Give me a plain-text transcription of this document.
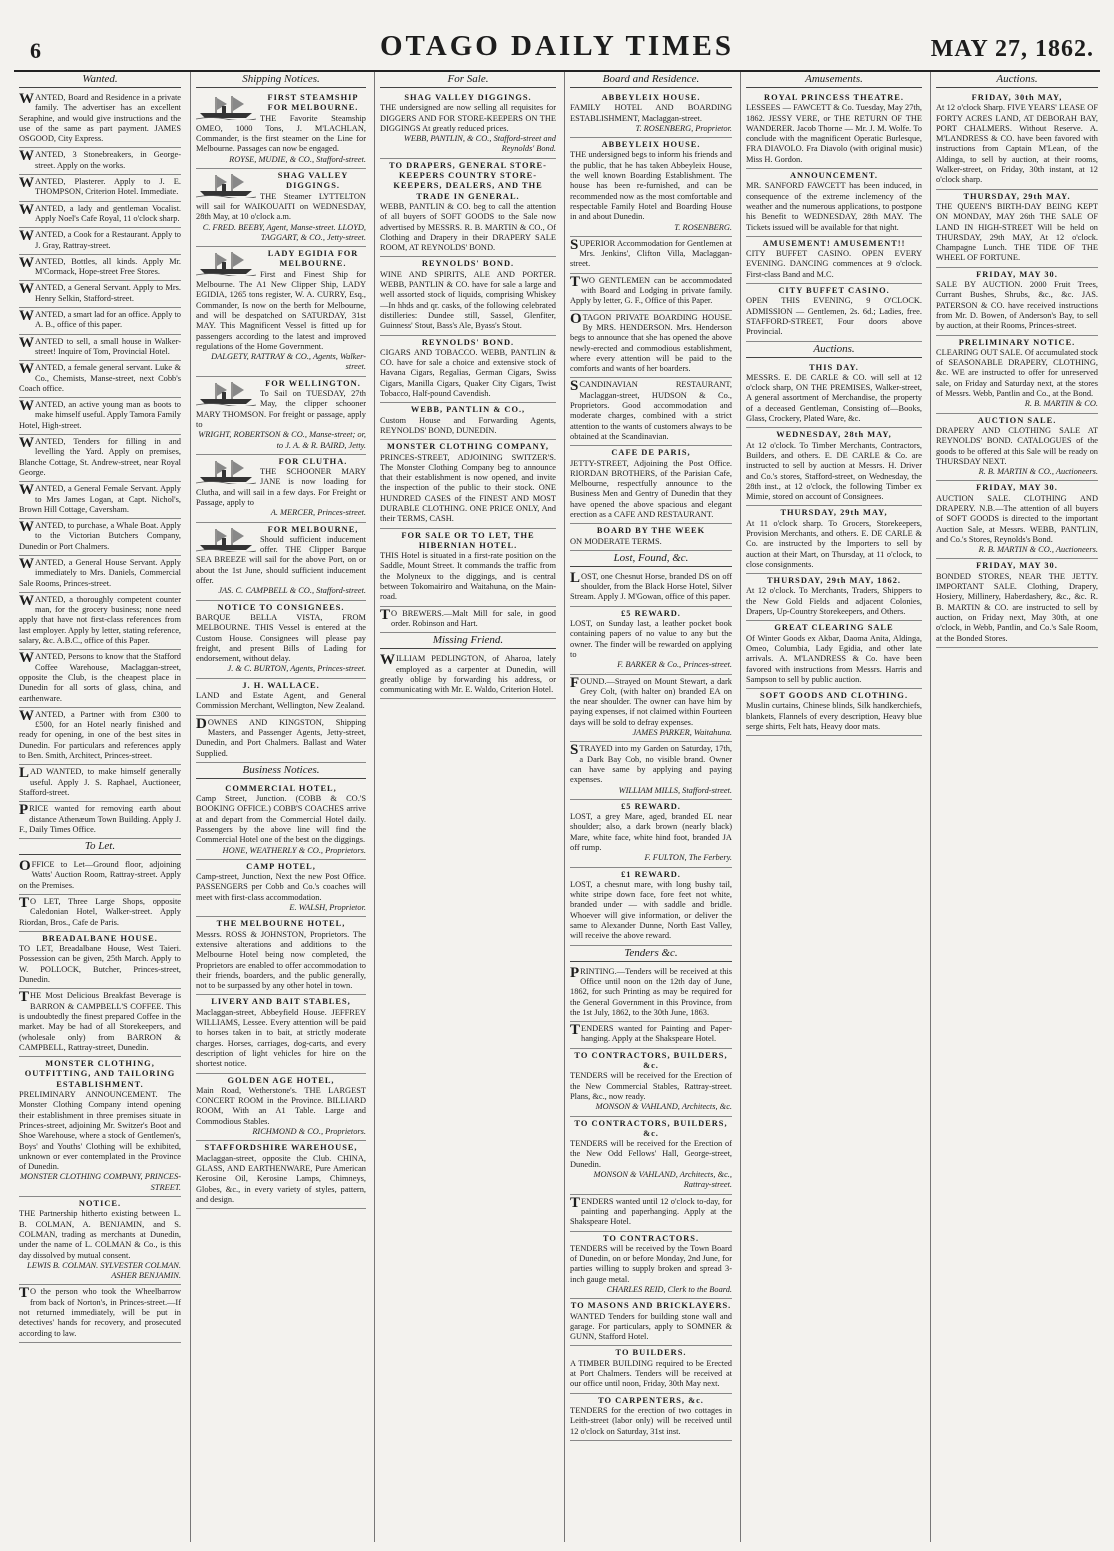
6	OTAGO DAILY TIMES	MAY 27, 1862.
Wanted.
WANTED, Board and Residence in a private family. The advertiser has an excellent Seraphine, and would give instructions and the use of the same as part payment. JAMES OSGOOD, City Express.
WANTED, 3 Stonebreakers, in George-street. Apply on the works.
WANTED, Plasterer. Apply to J. E. THOMPSON, Criterion Hotel. Immediate.
WANTED, a lady and gentleman Vocalist. Apply Noel's Cafe Royal, 11 o'clock sharp.
WANTED, a Cook for a Restaurant. Apply to J. Gray, Rattray-street.
WANTED, Bottles, all kinds. Apply Mr. M'Cormack, Hope-street Free Stores.
WANTED, a General Servant. Apply to Mrs. Henry Selkin, Stafford-street.
WANTED, a smart lad for an office. Apply to A. B., office of this paper.
WANTED to sell, a small house in Walker-street! Inquire of Tom, Provincial Hotel.
WANTED, a female general servant. Luke & Co., Chemists, Manse-street, next Cobb's Coach office.
WANTED, an active young man as boots to make himself useful. Apply Tamora Family Hotel, High-street.
WANTED, Tenders for filling in and levelling the Yard. Apply on premises, Blanche Cottage, St. Andrew-street, near Royal George.
WANTED, a General Female Servant. Apply to Mrs James Logan, at Capt. Nichol's, Brown Hill Cottage, Caversham.
WANTED, to purchase, a Whale Boat. Apply to the Victorian Butchers Company, Dunedin or Port Chalmers.
WANTED, a General House Servant. Apply immediately to Mrs. Daniels, Commercial Sale Rooms, Princes-street.
WANTED, a thoroughly competent counter man, for the grocery business; none need apply that have not first-class references from last employer. Apply by letter, stating reference, salary, &c. A.B.C., office of this Paper.
WANTED, Persons to know that the Stafford Coffee Warehouse, Maclaggan-street, opposite the Club, is the cheapest place in Dunedin for all sorts of glass, china, and earthenware.
WANTED, a Partner with from £300 to £500, for an Hotel nearly finished and ready for opening, in one of the best sites in Dunedin. For particulars and references apply to Ben. Smith, Architect, Princes-street.
LAD WANTED, to make himself generally useful. Apply J. S. Raphael, Auctioneer, Stafford-street.
PRICE wanted for removing earth about distance Athenæum Town Building. Apply J. F., Daily Times Office.
To Let.
OFFICE to Let—Ground floor, adjoining Watts' Auction Room, Rattray-street. Apply on the Premises.
T O LET, Three Large Shops, opposite Caledonian Hotel, Walker-street. Apply Riordan, Bros., Cafe de Paris.
BREADALBANE HOUSE.
TO LET, Breadalbane House, West Taieri. Possession can be given, 25th March. Apply to W. POLLOCK, Butcher, Princes-street, Dunedin.
THE Most Delicious Breakfast Beverage is BARRON & CAMPBELL'S COFFEE. This is undoubtedly the finest prepared Coffee in the market. May be had of all Storekeepers, and (wholesale only) from BARRON & CAMPBELL, Rattray-street, Dunedin.
MONSTER CLOTHING, OUTFITTING, AND TAILORING ESTABLISHMENT.
PRELIMINARY ANNOUNCEMENT. The Monster Clothing Company intend opening their establishment in three premises situate in Princes-street, adjoining Mr. Switzer's Boot and Shoe Warehouse, where a stock of Gentlemen's, Boys' and Youths' Clothing will be exhibited, unknown or ever contemplated in the Province of Dunedin.
MONSTER CLOTHING COMPANY, PRINCES-STREET.
NOTICE.
THE Partnership hitherto existing between L. B. COLMAN, A. BENJAMIN, and S. COLMAN, trading as merchants at Dunedin, under the name of L. COLMAN & Co., is this day dissolved by mutual consent.
LEWIS B. COLMAN. SYLVESTER COLMAN. ASHER BENJAMIN.
T O the person who took the Wheelbarrow from back of Norton's, in Princes-street.—If not returned immediately, will be put in detectives' hands for recovery, and prosecuted according to law.
Shipping Notices.
FIRST STEAMSHIP FOR MELBOURNE.
THE Favorite Steamship OMEO, 1000 Tons, J. M'LACHLAN, Commander, is the first steamer on the Line for Melbourne. Passages can now be engaged.
ROYSE, MUDIE, & CO., Stafford-street.
SHAG VALLEY DIGGINGS.
THE Steamer LYTTELTON will sail for WAIKOUAITI on WEDNESDAY, 28th May, at 10 o'clock a.m.
C. FRED. BEEBY, Agent, Manse-street. LLOYD, TAGGART, & CO., Jetty-street.
LADY EGIDIA FOR MELBOURNE.
First and Finest Ship for Melbourne. The A1 New Clipper Ship, LADY EGIDIA, 1265 tons register, W. A. CURRY, Esq., Commander, Is now on the berth for Melbourne, and will be despatched on SATURDAY, 31st MAY. This Magnificent Vessel is fitted up for passengers according to the latest and improved regulations of the Home Government.
DALGETY, RATTRAY & CO., Agents, Walker-street.
FOR WELLINGTON.
To Sail on TUESDAY, 27th May, the clipper schooner MARY THOMSON. For freight or passage, apply to
WRIGHT, ROBERTSON & CO., Manse-street; or, to J. A. & R. BAIRD, Jetty.
FOR CLUTHA.
THE SCHOONER MARY JANE is now loading for Clutha, and will sail in a few days. For Freight or Passage, apply to
A. MERCER, Princes-street.
FOR MELBOURNE,
Should sufficient inducement offer. THE Clipper Barque SEA BREEZE will sail for the above Port, on or about the 1st June, should sufficient inducement offer.
JAS. C. CAMPBELL & CO., Stafford-street.
NOTICE TO CONSIGNEES.
BARQUE BELLA VISTA, FROM MELBOURNE. THIS Vessel is entered at the Custom House. Consignees will please pay freight, and present Bills of Lading for endorsement, without delay.
J. & C. BURTON, Agents, Princes-street.
J. H. WALLACE.
LAND and Estate Agent, and General Commission Merchant, Wellington, New Zealand.
DOWNES AND KINGSTON, Shipping Masters, and Passenger Agents, Jetty-street, Dunedin, and Port Chalmers. Ballast and Water Supplied.
Business Notices.
COMMERCIAL HOTEL,
Camp Street, Junction. (COBB & CO.'S BOOKING OFFICE.) COBB'S COACHES arrive at and depart from the Commercial Hotel daily. Passengers by the above line will find the Commercial Hotel one of the best on the diggings.
HONE, WEATHERLY & CO., Proprietors.
CAMP HOTEL,
Camp-street, Junction, Next the new Post Office. PASSENGERS per Cobb and Co.'s coaches will meet with first-class accommodation.
E. WALSH, Proprietor.
THE MELBOURNE HOTEL,
Messrs. ROSS & JOHNSTON, Proprietors. The extensive alterations and additions to the Melbourne Hotel being now completed, the Proprietors are enabled to offer accommodation to their friends, boarders, and the public generally, not to be surpassed by any other hotel in town.
LIVERY AND BAIT STABLES,
Maclaggan-street, Abbeyfield House. JEFFREY WILLIAMS, Lessee. Every attention will be paid to horses taken in to bait, at strictly moderate charges. Horses, carriages, dog-carts, and every description of light vehicles for hire on the shortest notice.
GOLDEN AGE HOTEL,
Main Road, Wetherstone's. THE LARGEST CONCERT ROOM in the Province. BILLIARD ROOM, With an A1 Table. Large and Commodious Stables.
RICHMOND & CO., Proprietors.
STAFFORDSHIRE WAREHOUSE,
Maclaggan-street, opposite the Club. CHINA, GLASS, AND EARTHENWARE, Pure American Kerosine Oil, Kerosine Lamps, Chimneys, Globes, &c., in every variety of styles, pattern, and design.
For Sale.
SHAG VALLEY DIGGINGS.
THE undersigned are now selling all requisites for DIGGERS AND FOR STORE-KEEPERS ON THE DIGGINGS At greatly reduced prices.
WEBB, PANTLIN, & CO., Stafford-street and Reynolds' Bond.
TO DRAPERS, GENERAL STORE-KEEPERS COUNTRY STORE-KEEPERS, DEALERS, AND THE TRADE IN GENERAL.
WEBB, PANTLIN & CO. beg to call the attention of all buyers of SOFT GOODS to the Sale now advertised by MESSRS. R. B. MARTIN & CO., Of Clothing and Drapery in their DRAPERY SALE ROOM, AT REYNOLDS' BOND.
REYNOLDS' BOND.
WINE AND SPIRITS, ALE AND PORTER. WEBB, PANTLIN & CO. have for sale a large and well assorted stock of liquids, comprising Whiskey—In hhds and qr. casks, of the following celebrated distilleries: Dundee still, Sassel, Glenfiter, Guinness' Stout, Bass's Ale, Byass's Stout.
REYNOLDS' BOND.
CIGARS AND TOBACCO. WEBB, PANTLIN & CO. have for sale a choice and extensive stock of Havana Cigars, Regalias, German Cigars, Swiss Cigars, Manilla Cigars, Quaker City Cigars, Twist Tobacco, Half-pound Cavendish.
WEBB, PANTLIN & CO.,
Custom House and Forwarding Agents, REYNOLDS' BOND, DUNEDIN.
MONSTER CLOTHING COMPANY,
PRINCES-STREET, ADJOINING SWITZER'S. The Monster Clothing Company beg to announce that their establishment is now opened, and invite the inspection of the public to their stock. ONE HUNDRED CASES of the FINEST AND MOST DURABLE CLOTHING. ONE PRICE ONLY, And their TERMS, CASH.
FOR SALE OR TO LET, THE HIBERNIAN HOTEL.
THIS Hotel is situated in a first-rate position on the Saddle, Mount Street. It commands the traffic from the Molyneux to the diggings, and is central between Tokomairiro and Waitahuna, on the Main-road.
T O BREWERS.—Malt Mill for sale, in good order. Robinson and Hart.
Missing Friend.
WILLIAM PEDLINGTON, of Aharoa, lately employed as a carpenter at Dunedin, will greatly oblige by forwarding his address, or communicating with Mr. E. Waldo, Criterion Hotel.
Board and Residence.
ABBEYLEIX HOUSE.
FAMILY HOTEL AND BOARDING ESTABLISHMENT, Maclaggan-street.
T. ROSENBERG, Proprietor.
ABBEYLEIX HOUSE.
THE undersigned begs to inform his friends and the public, that he has taken Abbeyleix House, the well known Boarding Establishment. The house has been re-furnished, and can be recommended now as the most comfortable and respectable Family Hotel and Boarding House in and about Dunedin.
T. ROSENBERG.
SUPERIOR Accommodation for Gentlemen at Mrs. Jenkins', Clifton Villa, Maclaggan-street.
TWO GENTLEMEN can be accommodated with Board and Lodging in private family. Apply by letter, G. F., Office of this Paper.
OTAGON PRIVATE BOARDING HOUSE. By MRS. HENDERSON. Mrs. Henderson begs to announce that she has opened the above newly-erected and commodious establishment, where every attention will be paid to the comforts and wants of her boarders.
SCANDINAVIAN RESTAURANT, Maclaggan-street, HUDSON & Co., Proprietors. Good accommodation and moderate charges, combined with a strict attention to the wants of customers always to be obtained at the Scandinavian.
CAFE DE PARIS,
JETTY-STREET, Adjoining the Post Office. RIORDAN BROTHERS, of the Parisian Cafe, Melbourne, respectfully announce to the Business Men and Gentry of Dunedin that they have opened the above spacious and elegant erection as a CAFE AND RESTAURANT.
BOARD BY THE WEEK
ON MODERATE TERMS.
Lost, Found, &c.
LOST, one Chesnut Horse, branded DS on off shoulder, from the Black Horse Hotel, Silver Stream. Apply J. M'Gowan, office of this paper.
£5 REWARD.
LOST, on Sunday last, a leather pocket book containing papers of no value to any but the owner. The finder will be rewarded on applying to
F. BARKER & Co., Princes-street.
FOUND.—Strayed on Mount Stewart, a dark Grey Colt, (with halter on) branded EA on the near shoulder. The owner can have him by paying expenses, if not claimed within Fourteen days will be sold to defray expenses.
JAMES PARKER, Waitahuna.
STRAYED into my Garden on Saturday, 17th, a Dark Bay Cob, no visible brand. Owner can have same by applying and paying expenses.
WILLIAM MILLS, Stafford-street.
£5 REWARD.
LOST, a grey Mare, aged, branded EL near shoulder; also, a dark brown (nearly black) Mare, white face, white hind foot, branded JA off rump.
F. FULTON, The Ferbery.
£1 REWARD.
LOST, a chesnut mare, with long bushy tail, white stripe down face, fore feet not white, branded under — with saddle and bridle. Whoever will give information, or deliver the same to Alexander Dunne, North East Valley, will receive the above reward.
Tenders &c.
PRINTING.—Tenders will be received at this Office until noon on the 12th day of June, 1862, for such Printing as may be required for the General Government in this Province, from the 1st July, 1862, to the 30th June, 1863.
TENDERS wanted for Painting and Paper-hanging. Apply at the Shakspeare Hotel.
TO CONTRACTORS, BUILDERS, &c.
TENDERS will be received for the Erection of the New Commercial Stables, Rattray-street. Plans, &c., now ready.
MONSON & VAHLAND, Architects, &c.
TO CONTRACTORS, BUILDERS, &c.
TENDERS will be received for the Erection of the New Odd Fellows' Hall, George-street, Dunedin.
MONSON & VAHLAND, Architects, &c., Rattray-street.
TENDERS wanted until 12 o'clock to-day, for painting and paperhanging. Apply at the Shakspeare Hotel.
TO CONTRACTORS.
TENDERS will be received by the Town Board of Dunedin, on or before Monday, 2nd June, for parties willing to supply broken and spread 3-inch gauge metal.
CHARLES REID, Clerk to the Board.
TO MASONS AND BRICKLAYERS.
WANTED Tenders for building stone wall and garage. For particulars, apply to SOMNER & GUNN, Stafford Hotel.
TO BUILDERS.
A TIMBER BUILDING required to be Erected at Port Chalmers. Tenders will be received at our office until noon, Friday, 30th May next.
TO CARPENTERS, &c.
TENDERS for the erection of two cottages in Leith-street (labor only) will be received until 12 o'clock on Saturday, 31st inst.
Amusements.
ROYAL PRINCESS THEATRE.
LESSEES — FAWCETT & Co. Tuesday, May 27th, 1862. JESSY VERE, or THE RETURN OF THE WANDERER. Jacob Thorne — Mr. J. M. Wolfe. To conclude with the magnificent Operatic Burlesque, FRA DIAVOLO. Fra Diavolo (with original music) Miss H. Gordon.
ANNOUNCEMENT.
MR. SANFORD FAWCETT has been induced, in consequence of the extreme inclemency of the weather and the numerous applications, to postpone his Benefit to WEDNESDAY, 28th MAY. The Tickets issued will be available for that night.
AMUSEMENT! AMUSEMENT!!
CITY BUFFET CASINO. OPEN EVERY EVENING. DANCING commences at 9 o'clock. First-class Band and M.C.
CITY BUFFET CASINO.
OPEN THIS EVENING, 9 O'CLOCK. ADMISSION — Gentlemen, 2s. 6d.; Ladies, free. STAFFORD-STREET, Four doors above Provincial.
Auctions.
THIS DAY.
MESSRS. E. DE CARLE & CO. will sell at 12 o'clock sharp, ON THE PREMISES, Walker-street, A general assortment of Merchandise, the property of a deceased Gentleman, Consisting of—Books, Glass, Crockery, Plated Ware, &c.
WEDNESDAY, 28th MAY,
At 12 o'clock. To Timber Merchants, Contractors, Builders, and others. E. DE CARLE & Co. are instructed to sell by auction at Messrs. H. Driver and Co.'s stores, Stafford-street, on Wednesday, the 28th inst., at 12 o'clock, the following Timber ex Mimie, stored on account of Consignees.
THURSDAY, 29th MAY,
At 11 o'clock sharp. To Grocers, Storekeepers, Provision Merchants, and others. E. DE CARLE & Co. are instructed by the Importers to sell by auction at their Mart, on Thursday, at 11 o'clock, to close consignments.
THURSDAY, 29th MAY, 1862.
At 12 o'clock. To Merchants, Traders, Shippers to the New Gold Fields and adjacent Colonies, Drapers, Up-Country Storekeepers, and Others.
GREAT CLEARING SALE
Of Winter Goods ex Akbar, Daoma Anita, Aldinga, Omeo, Columbia, Lady Egidia, and other late arrivals. A. M'LANDRESS & Co. have been favored with instructions from Messrs. Harris and Sampson to sell by public auction.
SOFT GOODS AND CLOTHING.
Muslin curtains, Chinese blinds, Silk handkerchiefs, blankets, Flannels of every description, Heavy blue serge shirts, Felt hats, Heavy door mats.
Auctions.
FRIDAY, 30th MAY,
At 12 o'clock Sharp. FIVE YEARS' LEASE OF FORTY ACRES LAND, AT DEBORAH BAY, PORT CHALMERS. Without Reserve. A. M'LANDRESS & CO. have been favored with instructions from Captain M'Lean, of the Aldinga, to sell by auction, at their rooms, Walker-street, on Friday, 30th instant, at 12 o'clock sharp.
THURSDAY, 29th MAY.
THE QUEEN'S BIRTH-DAY BEING KEPT ON MONDAY, MAY 26th THE SALE OF LAND IN HIGH-STREET Will be held on THURSDAY, 29th MAY, At 12 o'clock. Champagne Lunch. THE TIDE OF THE WHEEL OF FORTUNE.
FRIDAY, MAY 30.
SALE BY AUCTION. 2000 Fruit Trees, Currant Bushes, Shrubs, &c., &c. JAS. PATERSON & CO. have received instructions from Mr. D. Bowen, of Anderson's Bay, to sell by auction, at their Rooms, Princes-street.
PRELIMINARY NOTICE.
CLEARING OUT SALE. Of accumulated stock of SEASONABLE DRAPERY, CLOTHING, &c. WE are instructed to offer for unreserved sale, on Friday and Saturday next, at the stores of Messrs. Webb, Pantlin and Co., at the Bond.
R. B. MARTIN & CO.
AUCTION SALE.
DRAPERY AND CLOTHING SALE AT REYNOLDS' BOND. CATALOGUES of the goods to be offered at this Sale will be ready on THURSDAY NEXT.
R. B. MARTIN & CO., Auctioneers.
FRIDAY, MAY 30.
AUCTION SALE. CLOTHING AND DRAPERY. N.B.—The attention of all buyers of SOFT GOODS is directed to the important Auction Sale, at Messrs. WEBB, PANTLIN, and Co.'s Stores, Reynolds's Bond.
R. B. MARTIN & CO., Auctioneers.
FRIDAY, MAY 30.
BONDED STORES, NEAR THE JETTY. IMPORTANT SALE. Clothing, Drapery, Hosiery, Millinery, Haberdashery, &c., &c. R. B. MARTIN & CO. are instructed to sell by auction, on Friday next, May 30th, at one o'clock, in Webb, Pantlin, and Co.'s Sale Room, at the Bonded Stores.
